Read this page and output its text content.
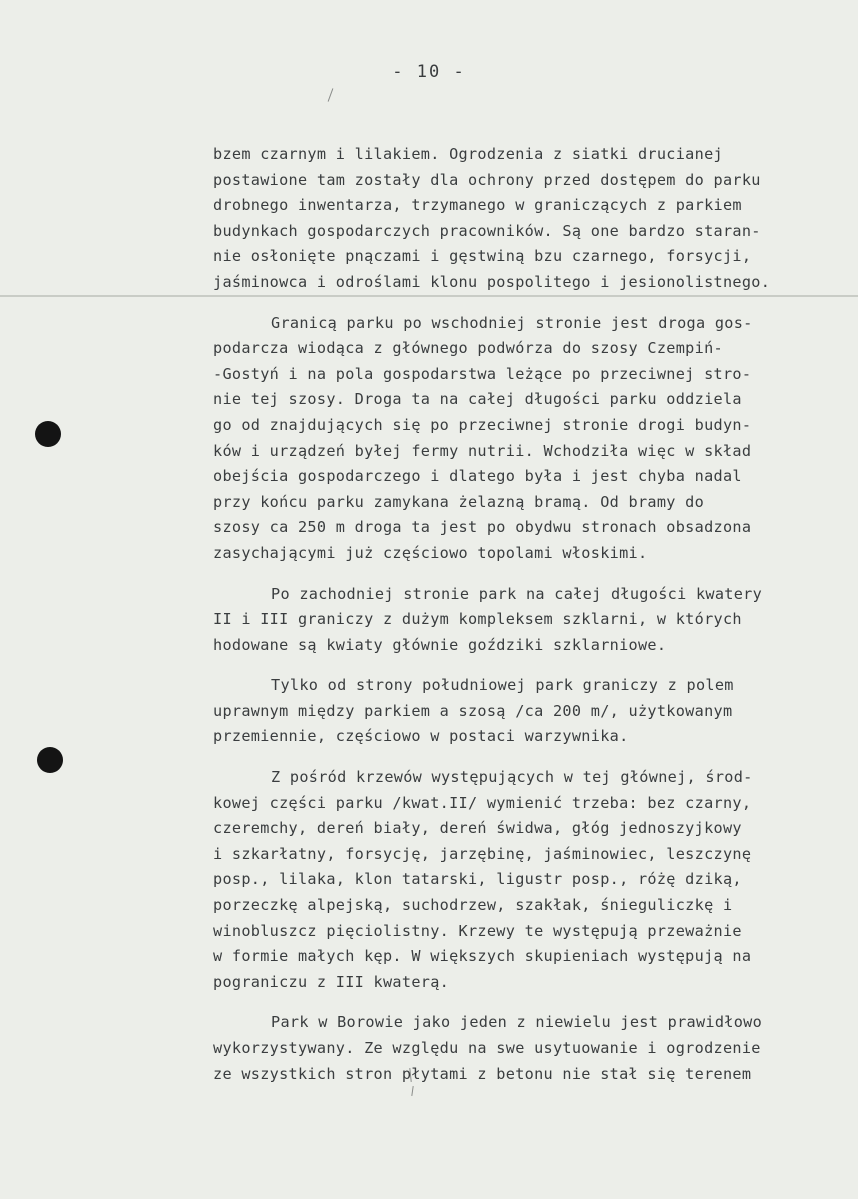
- 10 -
bzem czarnym i lilakiem. Ogrodzenia z siatki drucianej
postawione tam zostały dla ochrony przed dostępem do parku
drobnego inwentarza, trzymanego w graniczących z parkiem
budynkach gospodarczych pracowników. Są one bardzo staran-
nie osłonięte pnączami i gęstwiną bzu czarnego, forsycji,
jaśminowca i odroślami klonu pospolitego i jesionolistnego.
Granicą parku po wschodniej stronie jest droga gos-
podarcza wiodąca z głównego podwórza do szosy Czempiń-
-Gostyń i na pola gospodarstwa leżące po przeciwnej stro-
nie tej szosy. Droga ta na całej długości parku oddziela
go od znajdujących się po przeciwnej stronie drogi budyn-
ków i urządzeń byłej fermy nutrii. Wchodziła więc w skład
obejścia gospodarczego i dlatego była i jest chyba nadal
przy końcu parku zamykana żelazną bramą. Od bramy do
szosy ca 250 m droga ta jest po obydwu stronach obsadzona
zasychającymi już częściowo topolami włoskimi.
Po zachodniej stronie park na całej długości kwatery
II i III graniczy z dużym kompleksem szklarni, w których
hodowane są kwiaty głównie goździki szklarniowe.
Tylko od strony południowej park graniczy z polem
uprawnym między parkiem a szosą /ca 200 m/, użytkowanym
przemiennie, częściowo w postaci warzywnika.
Z pośród krzewów występujących w tej głównej, środ-
kowej części parku /kwat.II/ wymienić trzeba: bez czarny,
czeremchy, dereń biały, dereń świdwa, głóg jednoszyjkowy
i szkarłatny, forsycję, jarzębinę, jaśminowiec, leszczynę
posp., lilaka, klon tatarski, ligustr posp., różę dziką,
porzeczkę alpejską, suchodrzew, szakłak, śnieguliczkę i
winobluszcz pięciolistny. Krzewy te występują przeważnie
w formie małych kęp. W większych skupieniach występują na
pograniczu z III kwaterą.
Park w Borowie jako jeden z niewielu jest prawidłowo
wykorzystywany. Ze względu na swe usytuowanie i ogrodzenie
ze wszystkich stron płytami z betonu nie stał się terenem
